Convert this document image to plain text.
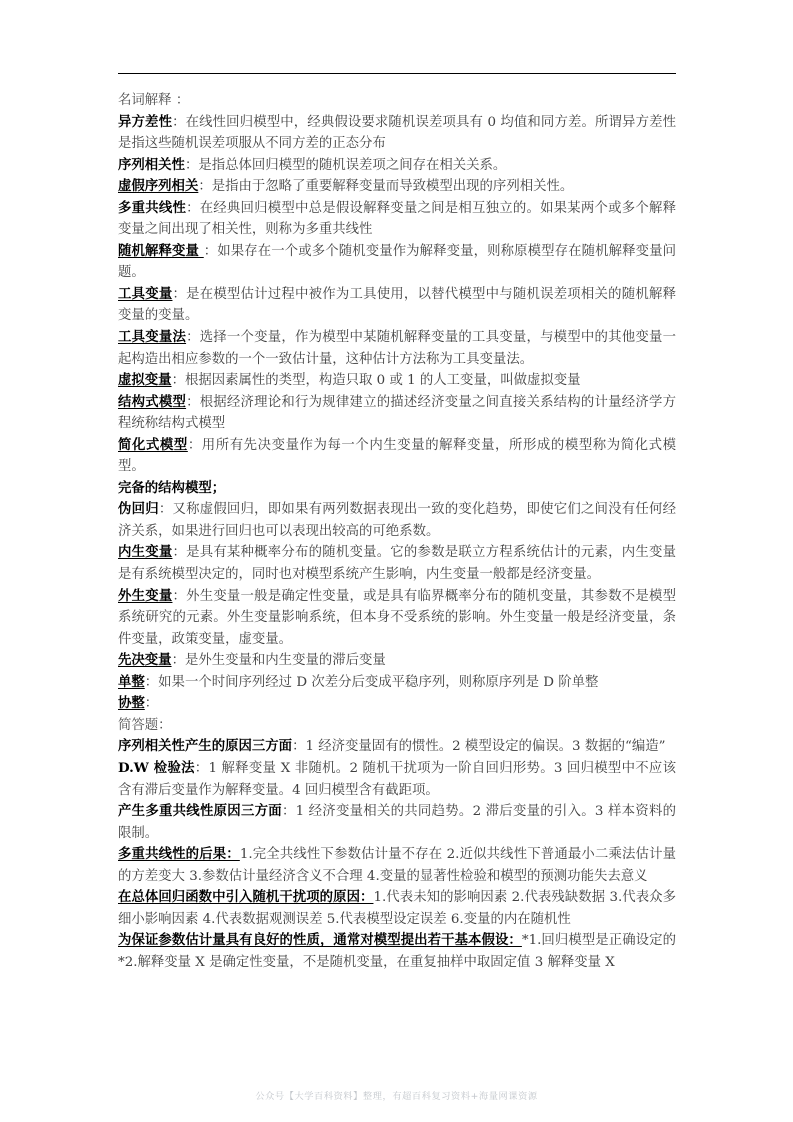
名词解释 ：
异方差性：在线性回归模型中，经典假设要求随机误差项具有 0 均值和同方差。所谓异方差性是指这些随机误差项服从不同方差的正态分布
序列相关性：是指总体回归模型的随机误差项之间存在相关关系。
虚假序列相关：是指由于忽略了重要解释变量而导致模型出现的序列相关性。
多重共线性：在经典回归模型中总是假设解释变量之间是相互独立的。如果某两个或多个解释变量之间出现了相关性，则称为多重共线性
随机解释变量 ：如果存在一个或多个随机变量作为解释变量，则称原模型存在随机解释变量问题。
工具变量：是在模型估计过程中被作为工具使用，以替代模型中与随机误差项相关的随机解释变量的变量。
工具变量法：选择一个变量，作为模型中某随机解释变量的工具变量，与模型中的其他变量一起构造出相应参数的一个一致估计量，这种估计方法称为工具变量法。
虚拟变量：根据因素属性的类型，构造只取 0 或 1 的人工变量，叫做虚拟变量
结构式模型：根据经济理论和行为规律建立的描述经济变量之间直接关系结构的计量经济学方程统称结构式模型
简化式模型：用所有先决变量作为每一个内生变量的解释变量，所形成的模型称为简化式模型。
完备的结构模型；
伪回归：又称虚假回归，即如果有两列数据表现出一致的变化趋势，即使它们之间没有任何经济关系，如果进行回归也可以表现出较高的可绝系数。
内生变量：是具有某种概率分布的随机变量。它的参数是联立方程系统估计的元素，内生变量是有系统模型决定的，同时也对模型系统产生影响，内生变量一般都是经济变量。
外生变量：外生变量一般是确定性变量，或是具有临界概率分布的随机变量，其参数不是模型系统研究的元素。外生变量影响系统，但本身不受系统的影响。外生变量一般是经济变量，条件变量，政策变量，虚变量。
先决变量：是外生变量和内生变量的滞后变量
单整：如果一个时间序列经过 D 次差分后变成平稳序列，则称原序列是 D 阶单整
协整：
简答题：
序列相关性产生的原因三方面：1 经济变量固有的惯性。2 模型设定的偏误。3 数据的“编造”
D.W 检验法：1 解释变量 X 非随机。2 随机干扰项为一阶自回归形势。3 回归模型中不应该含有滞后变量作为解释变量。4 回归模型含有截距项。
产生多重共线性原因三方面：1 经济变量相关的共同趋势。2 滞后变量的引入。3 样本资料的限制。
多重共线性的后果：1.完全共线性下参数估计量不存在 2.近似共线性下普通最小二乘法估计量的方差变大 3.参数估计量经济含义不合理 4.变量的显著性检验和模型的预测功能失去意义
在总体回归函数中引入随机干扰项的原因：1.代表未知的影响因素 2.代表残缺数据 3.代表众多细小影响因素 4.代表数据观测误差 5.代表模型设定误差 6.变量的内在随机性
为保证参数估计量具有良好的性质，通常对模型提出若干基本假设：*1.回归模型是正确设定的 *2.解释变量 X 是确定性变量，不是随机变量，在重复抽样中取固定值 3 解释变量 X
公众号【大学百科资料】整理，有超百科复习资料+海量网课资源
